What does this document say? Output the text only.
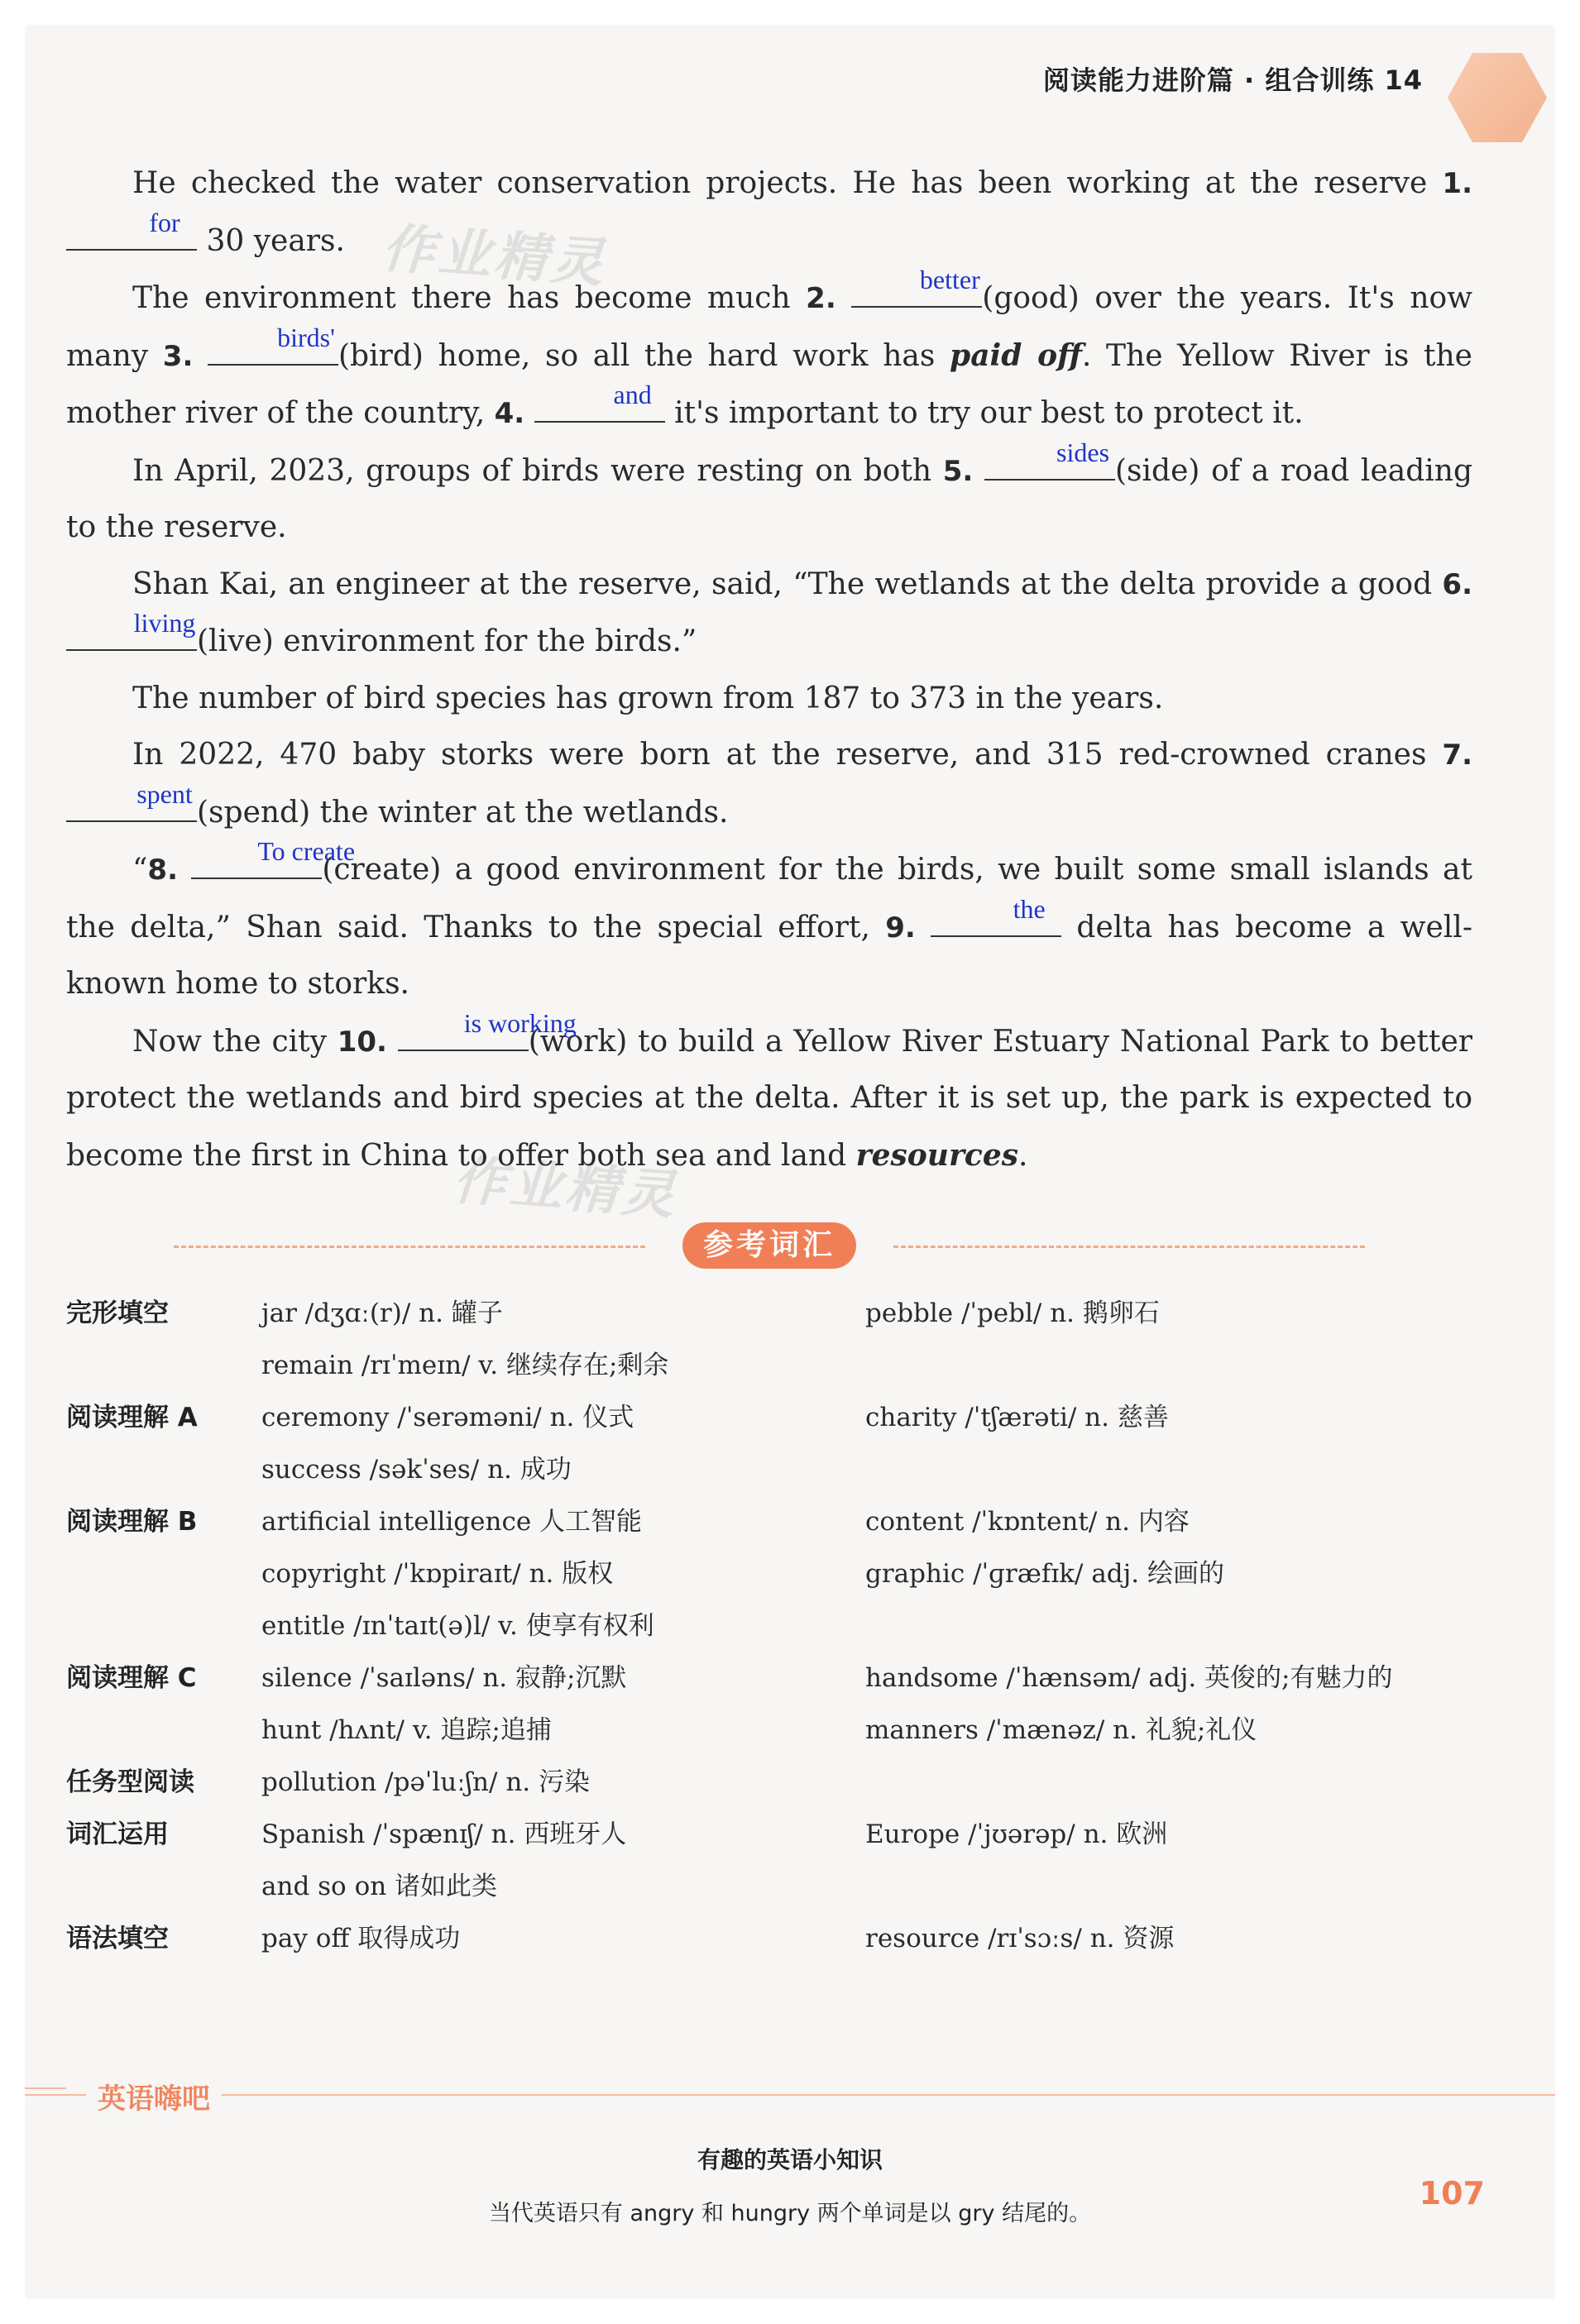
阅读能力进阶篇 · 组合训练 14
作业精灵
作业精灵

He checked the water conservation projects. He has been working at the reserve 1.
for
30 years.

The environment there has become much 2.
better
(good) over the years. It's now many 3.
birds'
(bird) home, so all the hard work has paid off. The Yellow River is the mother river of the country, 4.
and
it's important to try our best to protect it.

In April, 2023, groups of birds were resting on both 5.
sides
(side) of a road leading to the reserve.

Shan Kai, an engineer at the reserve, said, “The wetlands at the delta provide a good 6.
living
(live) environment for the birds.”

The number of bird species has grown from 187 to 373 in the years.

In 2022, 470 baby storks were born at the reserve, and 315 red-crowned cranes 7.
spent
(spend) the winter at the wetlands.

“8.
To create
(create) a good environment for the birds, we built some small islands at the delta,” Shan said. Thanks to the special effort, 9.
the
delta has become a well-known home to storks.

Now the city 10.
is working
(work) to build a Yellow River Estuary National Park to better protect the wetlands and bird species at the delta. After it is set up, the park is expected to become the first in China to offer both sea and land resources.

参考词汇
完形填空	jar /dʒɑː(r)/ n. 罐子	pebble /ˈpebl/ n. 鹅卵石
remain /rɪˈmeɪn/ v. 继续存在;剩余
阅读理解 A ceremony /ˈserəməni/ n. 仪式	charity /ˈtʃærəti/ n. 慈善
success /səkˈses/ n. 成功
阅读理解 B	artificial intelligence 人工智能	content /ˈkɒntent/ n. 内容
copyright /ˈkɒpiraɪt/ n. 版权	graphic /ˈɡræfɪk/ adj. 绘画的
entitle /ɪnˈtaɪt(ə)l/ v. 使享有权利
阅读理解 C	silence /ˈsaɪləns/ n. 寂静;沉默	handsome /ˈhænsəm/ adj. 英俊的;有魅力的
hunt /hʌnt/ v. 追踪;追捕	manners /ˈmænəz/ n. 礼貌;礼仪
任务型阅读	pollution /pəˈluːʃn/ n. 污染
词汇运用	Spanish /ˈspænɪʃ/ n. 西班牙人	Europe /ˈjʊərəp/ n. 欧洲
and so on 诸如此类
语法填空	pay off 取得成功	resource /rɪˈsɔːs/ n. 资源
英语嗨吧
有趣的英语小知识
当代英语只有 angry 和 hungry 两个单词是以 gry 结尾的。
107
